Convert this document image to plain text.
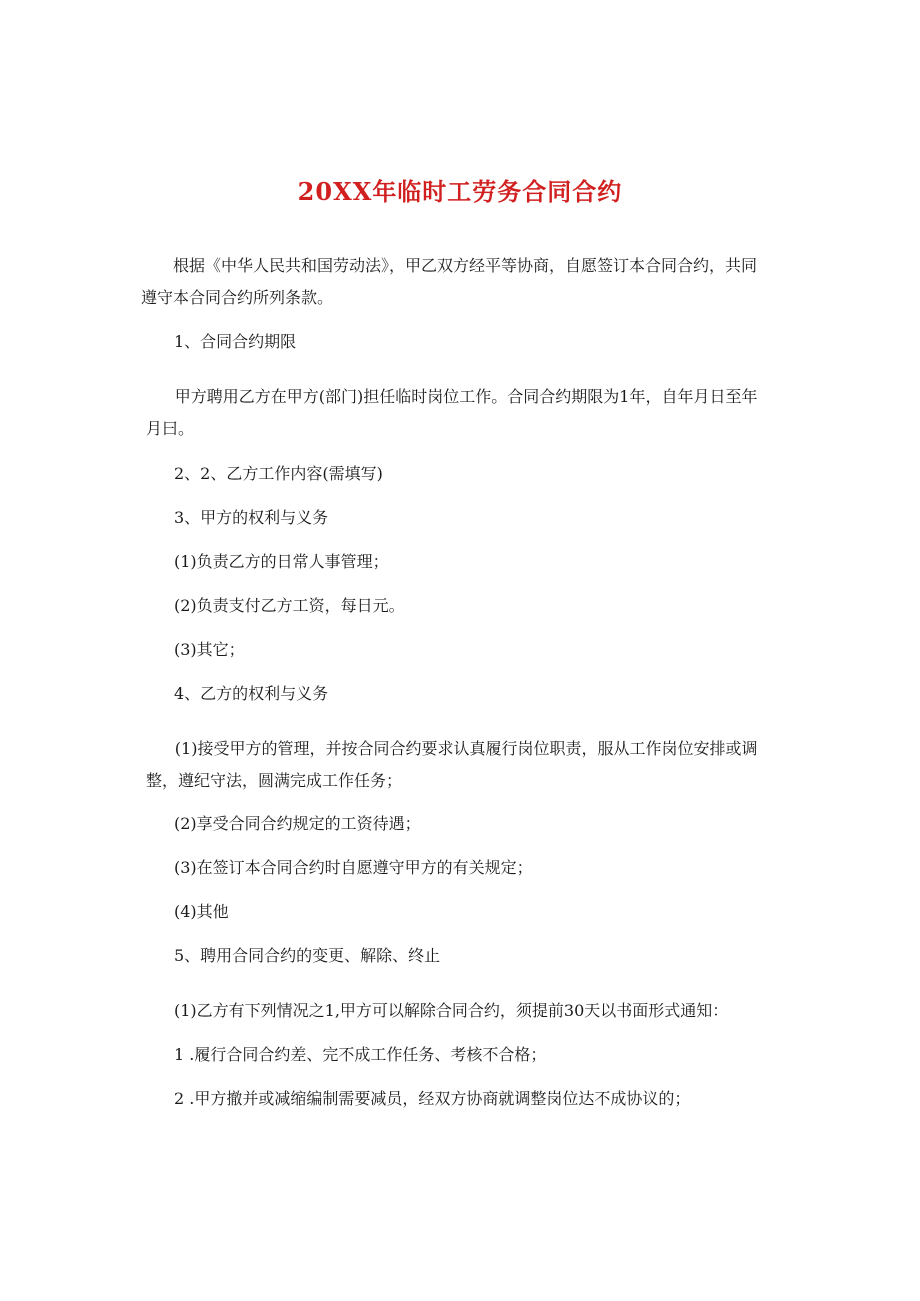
20XX年临时工劳务合同合约

根据《中华人民共和国劳动法》，甲乙双方经平等协商，自愿签订本合同合约，共同遵守本合同合约所列条款。

1、合同合约期限

甲方聘用乙方在甲方(部门)担任临时岗位工作。合同合约期限为1年，自年月日至年月曰。

2、2、乙方工作内容(需填写)

3、甲方的权利与义务

(1)负责乙方的日常人事管理；

(2)负责支付乙方工资，每日元。

(3)其它；

4、乙方的权利与义务

(1)接受甲方的管理，并按合同合约要求认真履行岗位职责，服从工作岗位安排或调整，遵纪守法，圆满完成工作任务；

(2)享受合同合约规定的工资待遇；

(3)在签订本合同合约时自愿遵守甲方的有关规定；

(4)其他

5、聘用合同合约的变更、解除、终止

(1)乙方有下列情况之1,甲方可以解除合同合约，须提前30天以书面形式通知：

1 .履行合同合约差、完不成工作任务、考核不合格；

2 .甲方撤并或减缩编制需要减员，经双方协商就调整岗位达不成协议的；
